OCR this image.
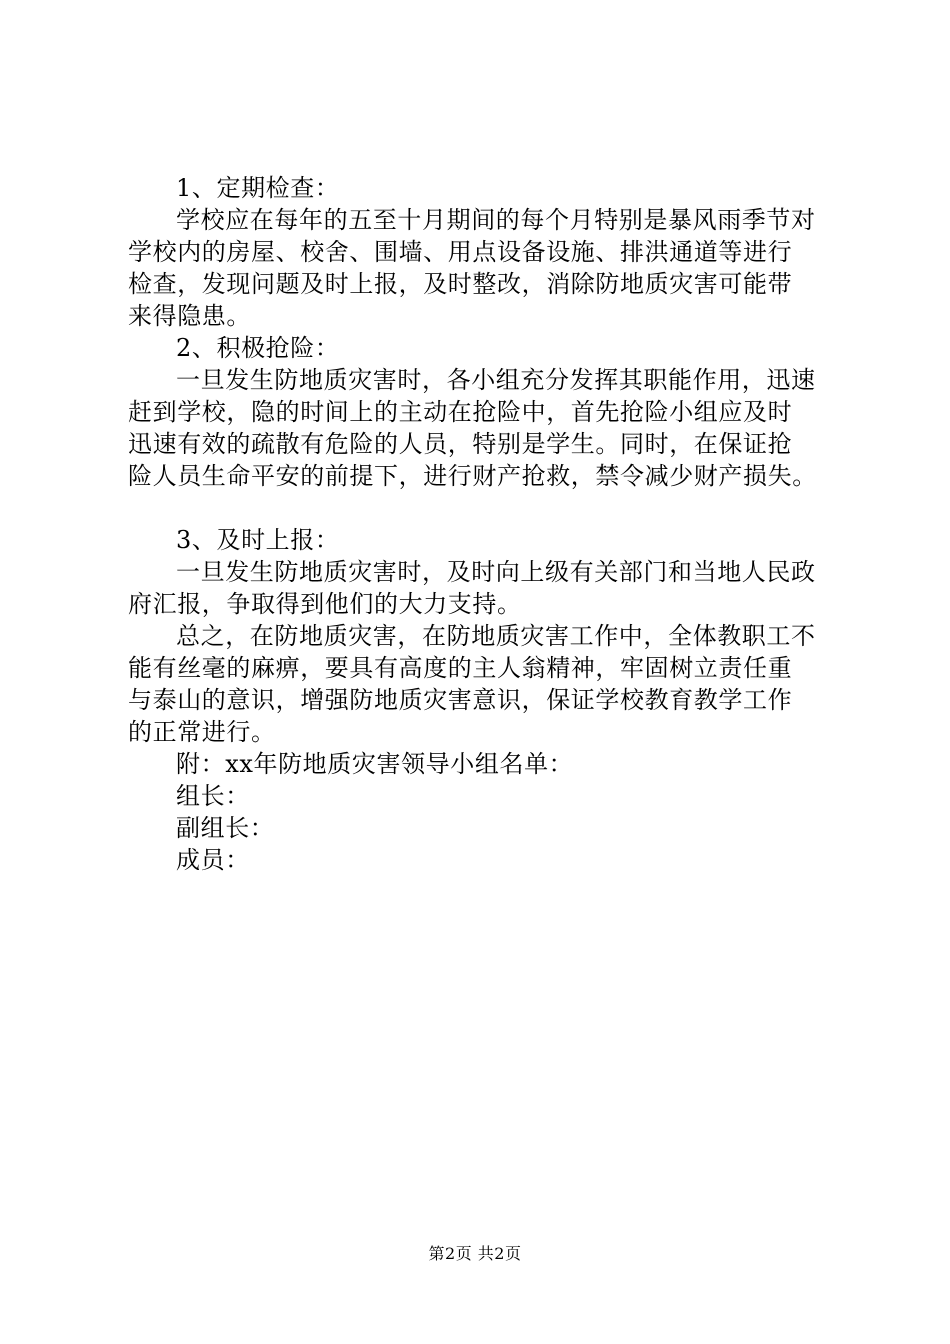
1、定期检查：
学校应在每年的五至十月期间的每个月特别是暴风雨季节对
学校内的房屋、校舍、围墙、用点设备设施、排洪通道等进行
检查，发现问题及时上报，及时整改，消除防地质灾害可能带
来得隐患。
2、积极抢险：
一旦发生防地质灾害时，各小组充分发挥其职能作用，迅速
赶到学校，隐的时间上的主动在抢险中，首先抢险小组应及时
迅速有效的疏散有危险的人员，特别是学生。同时，在保证抢
险人员生命平安的前提下，进行财产抢救，禁令减少财产损失。
3、及时上报：
一旦发生防地质灾害时，及时向上级有关部门和当地人民政
府汇报，争取得到他们的大力支持。
总之，在防地质灾害，在防地质灾害工作中，全体教职工不
能有丝毫的麻痹，要具有高度的主人翁精神，牢固树立责任重
与泰山的意识，增强防地质灾害意识，保证学校教育教学工作
的正常进行。
附：xx年防地质灾害领导小组名单：
组长：
副组长：
成员：
第2页 共2页
